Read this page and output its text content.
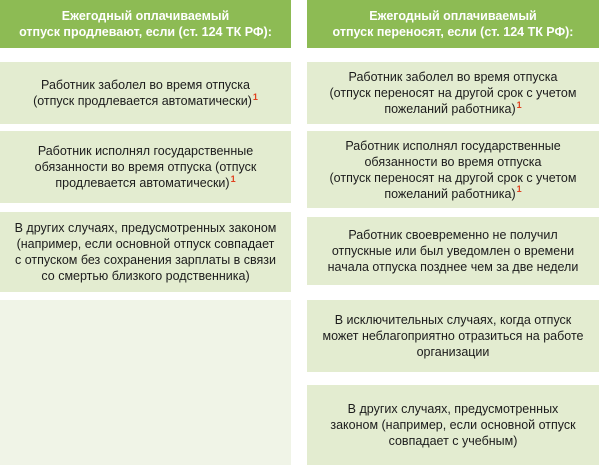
Ежегодный оплачиваемый
отпуск продлевают, если (ст. 124 ТК РФ):
Работник заболел во время отпуска
(отпуск продлевается автоматически)$^1$
Работник исполнял государственные
обязанности во время отпуска (отпуск
продлевается автоматически)$^1$
В других случаях, предусмотренных законом
(например, если основной отпуск совпадает
с отпуском без сохранения зарплаты в связи
со смертью близкого родственника)
Ежегодный оплачиваемый
отпуск переносят, если (ст. 124 ТК РФ):
Работник заболел во время отпуска
(отпуск переносят на другой срок с учетом
пожеланий работника)$^1$
Работник исполнял государственные
обязанности во время отпуска
(отпуск переносят на другой срок с учетом
пожеланий работника)$^1$
Работник своевременно не получил
отпускные или был уведомлен о времени
начала отпуска позднее чем за две недели
В исключительных случаях, когда отпуск
может неблагоприятно отразиться на работе
организации
В других случаях, предусмотренных
законом (например, если основной отпуск
совпадает с учебным)
